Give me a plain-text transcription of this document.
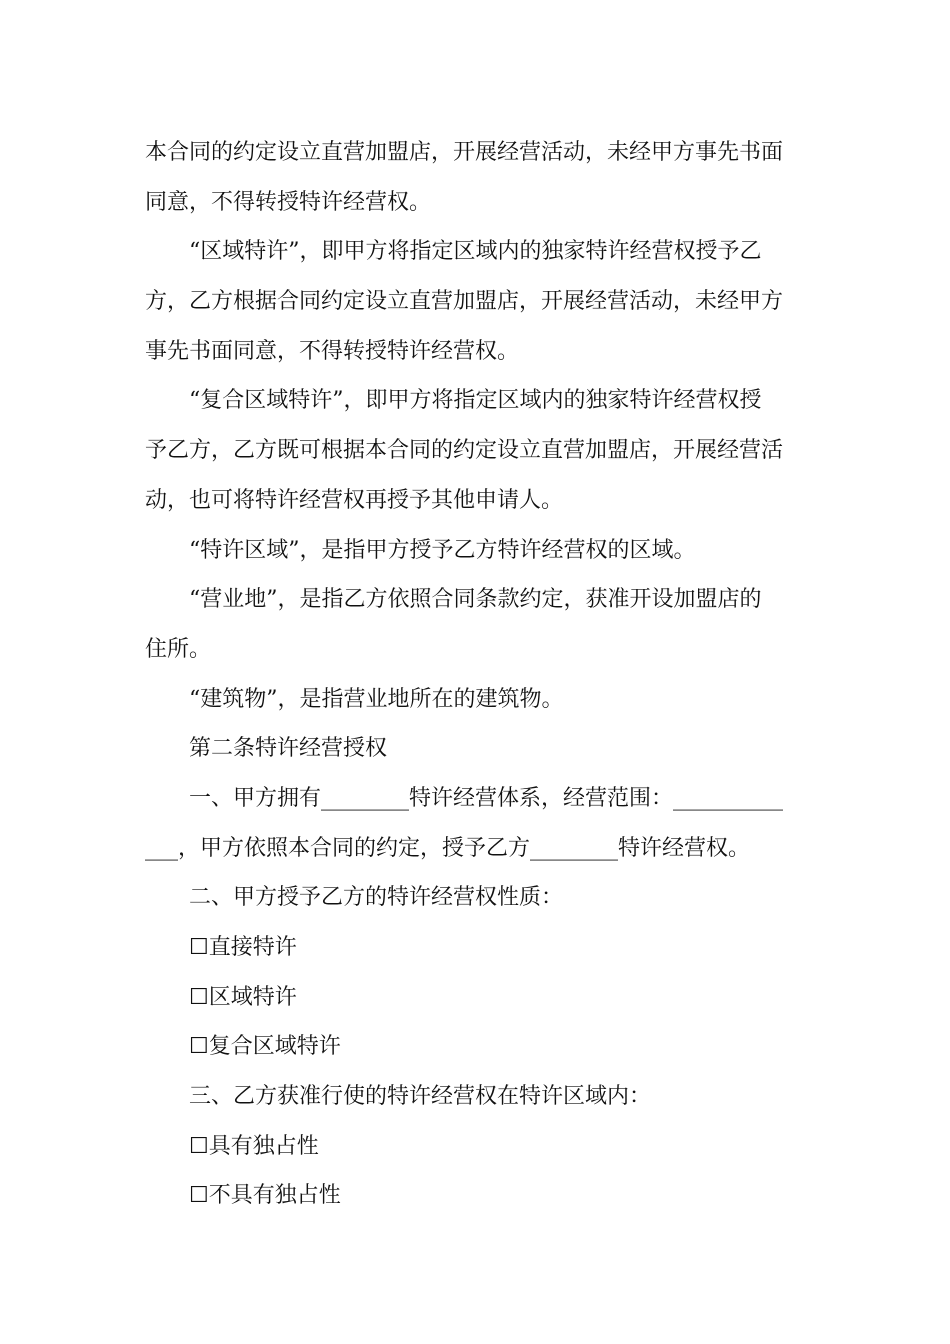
本合同的约定设立直营加盟店，开展经营活动，未经甲方事先书面
同意，不得转授特许经营权。
“区域特许”，即甲方将指定区域内的独家特许经营权授予乙
方，乙方根据合同约定设立直营加盟店，开展经营活动，未经甲方
事先书面同意，不得转授特许经营权。
“复合区域特许”，即甲方将指定区域内的独家特许经营权授
予乙方，乙方既可根据本合同的约定设立直营加盟店，开展经营活
动，也可将特许经营权再授予其他申请人。
“特许区域”，是指甲方授予乙方特许经营权的区域。
“营业地”，是指乙方依照合同条款约定，获准开设加盟店的
住所。
“建筑物”，是指营业地所在的建筑物。
第二条特许经营授权
一、甲方拥有________特许经营体系，经营范围：__________
___，甲方依照本合同的约定，授予乙方________特许经营权。
二、甲方授予乙方的特许经营权性质：
☐直接特许
☐区域特许
☐复合区域特许
三、乙方获准行使的特许经营权在特许区域内：
☐具有独占性
☐不具有独占性
